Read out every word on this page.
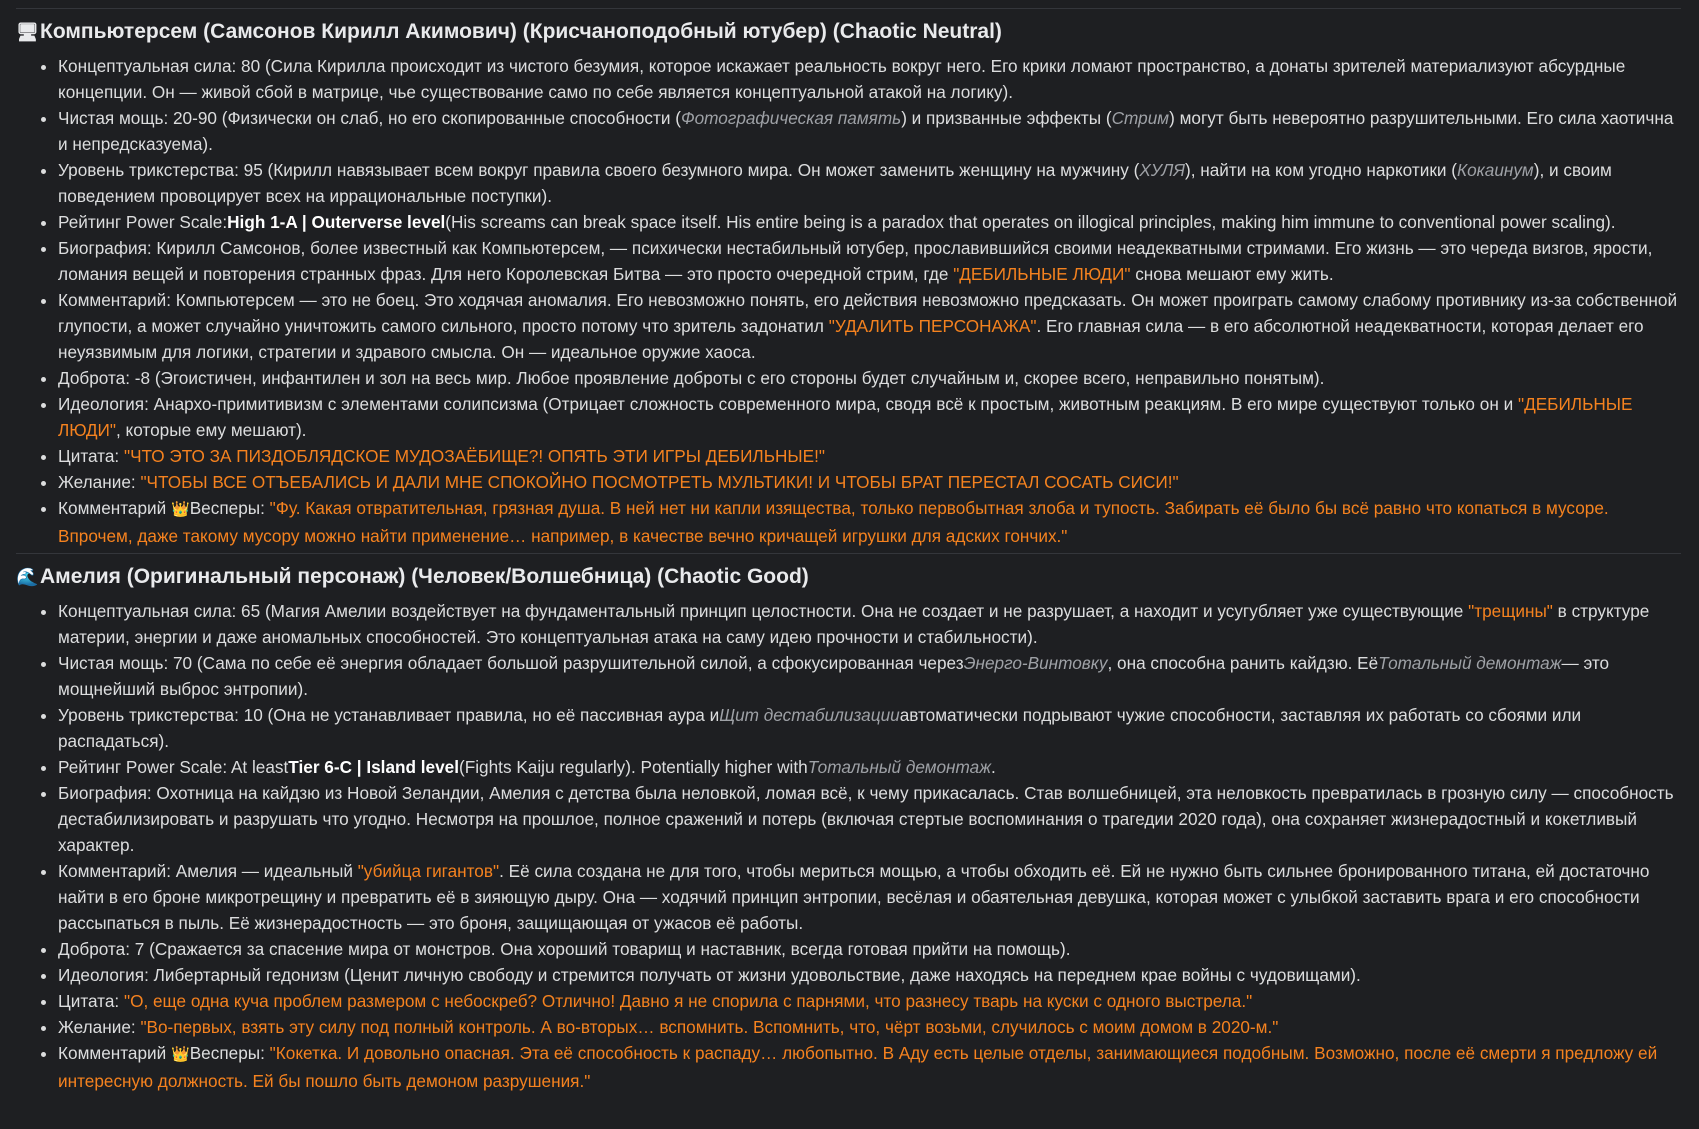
🖥 Компьютерсем (Самсонов Кирилл Акимович) (Крисчаноподобный ютубер) (Chaotic Neutral)
• Концептуальная сила: 80 (Сила Кирилла происходит из чистого безумия, которое искажает реальность вокруг него. Его крики ломают пространство, а донаты зрителей материализуют абсурдные концепции. Он — живой сбой в матрице, чье существование само по себе является концептуальной атакой на логику).
• Чистая мощь: 20-90 (Физически он слаб, но его скопированные способности (Фотографическая память) и призванные эффекты (Стрим) могут быть невероятно разрушительными. Его сила хаотична и непредсказуема).
• Уровень трикстерства: 95 (Кирилл навязывает всем вокруг правила своего безумного мира. Он может заменить женщину на мужчину (ХУЛЯ), найти на ком угодно наркотики (Кокаинум), и своим поведением провоцирует всех на иррациональные поступки).
• Рейтинг Power Scale:High 1-A | Outerverse level(His screams can break space itself. His entire being is a paradox that operates on illogical principles, making him immune to conventional power scaling).
• Биография: Кирилл Самсонов, более известный как Компьютерсем, — психически нестабильный ютубер, прославившийся своими неадекватными стримами. Его жизнь — это череда визгов, ярости, ломания вещей и повторения странных фраз. Для него Королевская Битва — это просто очередной стрим, где "ДЕБИЛЬНЫЕ ЛЮДИ" снова мешают ему жить.
• Комментарий: Компьютерсем — это не боец. Это ходячая аномалия. Его невозможно понять, его действия невозможно предсказать. Он может проиграть самому слабому противнику из-за собственной глупости, а может случайно уничтожить самого сильного, просто потому что зритель задонатил "УДАЛИТЬ ПЕРСОНАЖА". Его главная сила — в его абсолютной неадекватности, которая делает его неуязвимым для логики, стратегии и здравого смысла. Он — идеальное оружие хаоса.
• Доброта: -8 (Эгоистичен, инфантилен и зол на весь мир. Любое проявление доброты с его стороны будет случайным и, скорее всего, неправильно понятым).
• Идеология: Анархо-примитивизм с элементами солипсизма (Отрицает сложность современного мира, сводя всё к простым, животным реакциям. В его мире существуют только он и "ДЕБИЛЬНЫЕ ЛЮДИ", которые ему мешают).
• Цитата: "ЧТО ЭТО ЗА ПИЗДОБЛЯДСКОЕ МУДОЗАЁБИЩЕ?! ОПЯТЬ ЭТИ ИГРЫ ДЕБИЛЬНЫЕ!"
• Желание: "ЧТОБЫ ВСЕ ОТЪЕБАЛИСЬ И ДАЛИ МНЕ СПОКОЙНО ПОСМОТРЕТЬ МУЛЬТИКИ! И ЧТОБЫ БРАТ ПЕРЕСТАЛ СОСАТЬ СИСИ!"
• Комментарий 👑Весперы: "Фу. Какая отвратительная, грязная душа. В ней нет ни капли изящества, только первобытная злоба и тупость. Забирать её было бы всё равно что копаться в мусоре. Впрочем, даже такому мусору можно найти применение… например, в качестве вечно кричащей игрушки для адских гончих."
🌊 Амелия (Оригинальный персонаж) (Человек/Волшебница) (Chaotic Good)
• Концептуальная сила: 65 (Магия Амелии воздействует на фундаментальный принцип целостности. Она не создает и не разрушает, а находит и усугубляет уже существующие "трещины" в структуре материи, энергии и даже аномальных способностей. Это концептуальная атака на саму идею прочности и стабильности).
• Чистая мощь: 70 (Сама по себе её энергия обладает большой разрушительной силой, а сфокусированная черезЭнерго-Винтовку, она способна ранить кайдзю. ЕёТотальный демонтаж— это мощнейший выброс энтропии).
• Уровень трикстерства: 10 (Она не устанавливает правила, но её пассивная аура иЩит дестабилизацииавтоматически подрывают чужие способности, заставляя их работать со сбоями или распадаться).
• Рейтинг Power Scale: At leastTier 6-C | Island level(Fights Kaiju regularly). Potentially higher withТотальный демонтаж.
• Биография: Охотница на кайдзю из Новой Зеландии, Амелия с детства была неловкой, ломая всё, к чему прикасалась. Став волшебницей, эта неловкость превратилась в грозную силу — способность дестабилизировать и разрушать что угодно. Несмотря на прошлое, полное сражений и потерь (включая стертые воспоминания о трагедии 2020 года), она сохраняет жизнерадостный и кокетливый характер.
• Комментарий: Амелия — идеальный "убийца гигантов". Её сила создана не для того, чтобы мериться мощью, а чтобы обходить её. Ей не нужно быть сильнее бронированного титана, ей достаточно найти в его броне микротрещину и превратить её в зияющую дыру. Она — ходячий принцип энтропии, весёлая и обаятельная девушка, которая может с улыбкой заставить врага и его способности рассыпаться в пыль. Её жизнерадостность — это броня, защищающая от ужасов её работы.
• Доброта: 7 (Сражается за спасение мира от монстров. Она хороший товарищ и наставник, всегда готовая прийти на помощь).
• Идеология: Либертарный гедонизм (Ценит личную свободу и стремится получать от жизни удовольствие, даже находясь на переднем крае войны с чудовищами).
• Цитата: "О, еще одна куча проблем размером с небоскреб? Отлично! Давно я не спорила с парнями, что разнесу тварь на куски с одного выстрела."
• Желание: "Во-первых, взять эту силу под полный контроль. А во-вторых… вспомнить. Вспомнить, что, чёрт возьми, случилось с моим домом в 2020-м."
• Комментарий 👑Весперы: "Кокетка. И довольно опасная. Эта её способность к распаду… любопытно. В Аду есть целые отделы, занимающиеся подобным. Возможно, после её смерти я предложу ей интересную должность. Ей бы пошло быть демоном разрушения."
